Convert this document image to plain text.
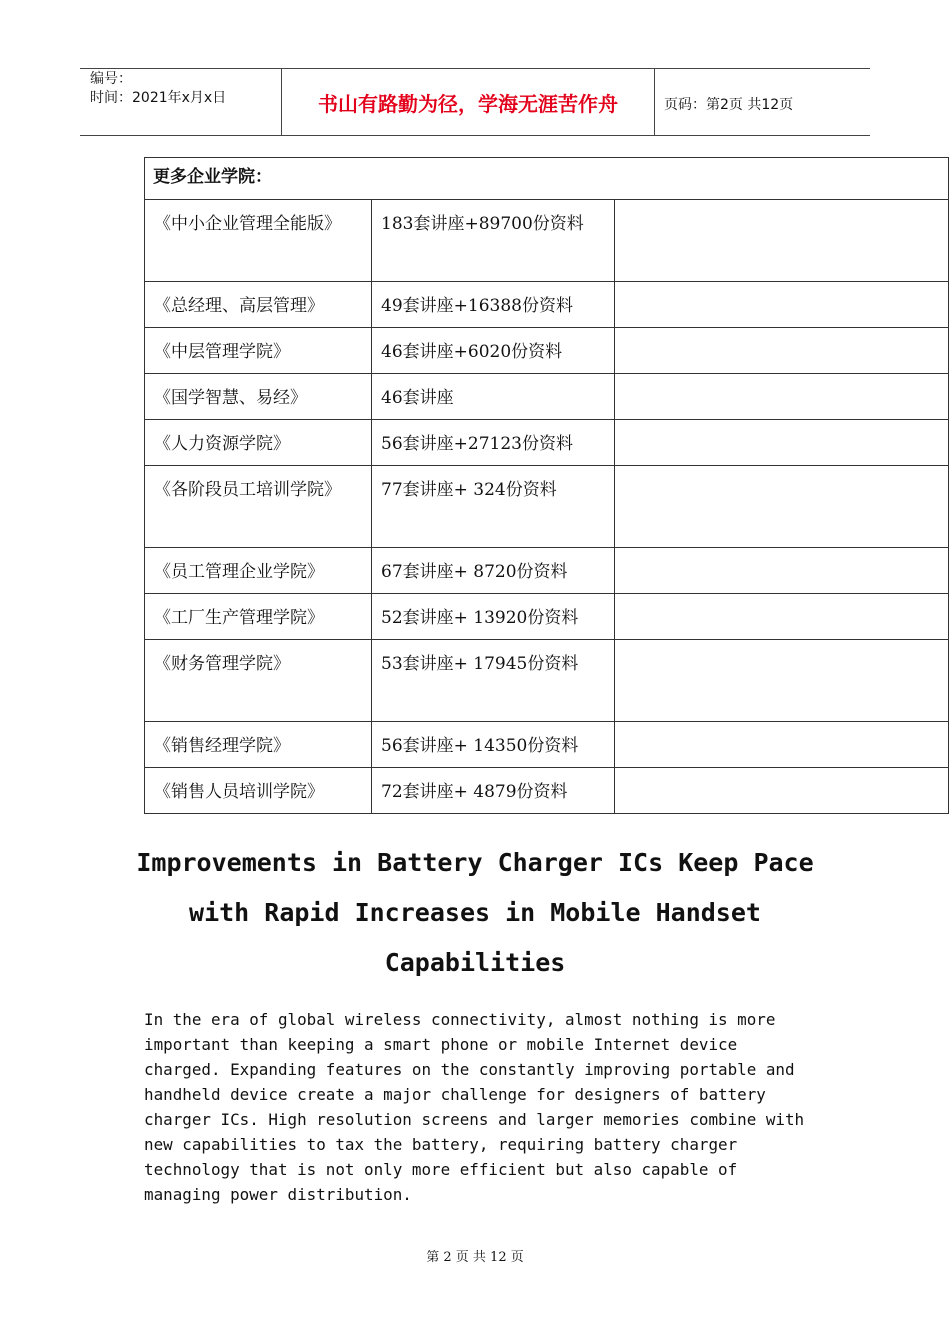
编号：
时间：2021年x月x日	书山有路勤为径，学海无涯苦作舟	页码：第2页 共12页
更多企业学院：		
《中小企业管理全能版》	183套讲座+89700份资料	
《总经理、高层管理》	49套讲座+16388份资料	
《中层管理学院》	46套讲座+6020份资料	
《国学智慧、易经》	46套讲座	
《人力资源学院》	56套讲座+27123份资料	
《各阶段员工培训学院》	77套讲座+ 324份资料	
《员工管理企业学院》	67套讲座+ 8720份资料	
《工厂生产管理学院》	52套讲座+ 13920份资料	
《财务管理学院》	53套讲座+ 17945份资料	
《销售经理学院》	56套讲座+ 14350份资料	
《销售人员培训学院》	72套讲座+ 4879份资料	
Improvements in Battery Charger ICs Keep Pace
with Rapid Increases in Mobile Handset
Capabilities
In the era of global wireless connectivity, almost nothing is more
important than keeping a smart phone or mobile Internet device
charged. Expanding features on the constantly improving portable and
handheld device create a major challenge for designers of battery
charger ICs. High resolution screens and larger memories combine with
new capabilities to tax the battery, requiring battery charger
technology that is not only more efficient but also capable of
managing power distribution.
第 2 页 共 12 页
